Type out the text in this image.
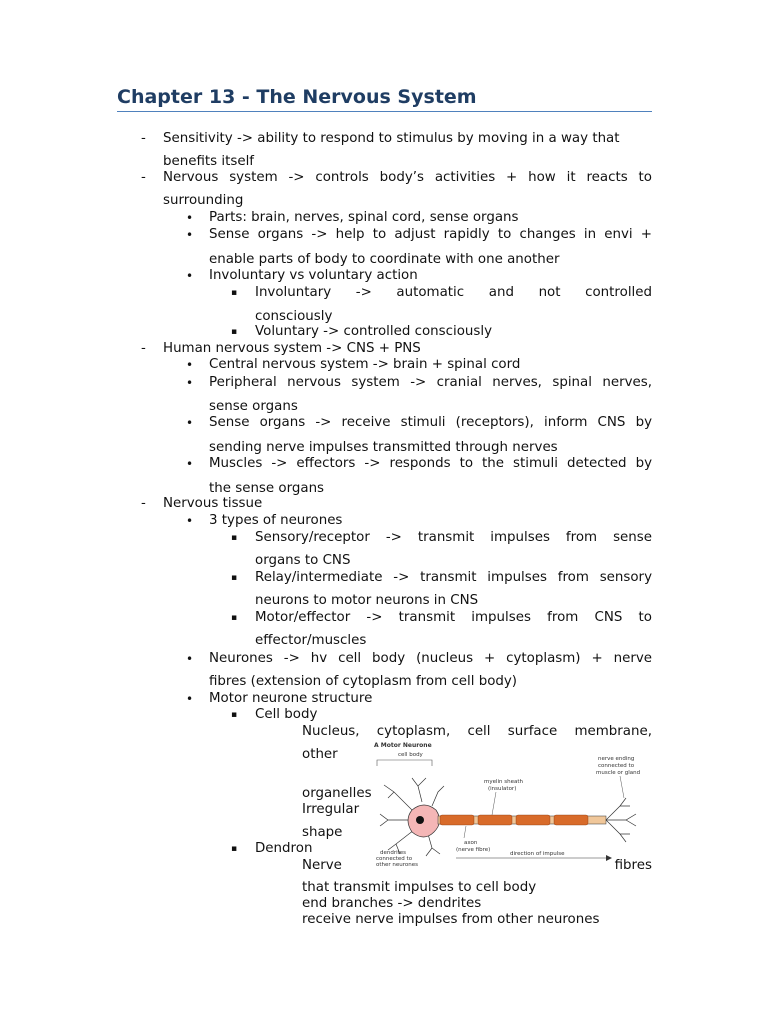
Chapter 13 - The Nervous System
- Sensitivity -> ability to respond to stimulus by moving in a way that
benefits itself
- Nervous system -> controls body’s activities + how it reacts to
surrounding
• Parts: brain, nerves, spinal cord, sense organs
• Sense organs -> help to adjust rapidly to changes in envi +
enable parts of body to coordinate with one another
• Involuntary vs voluntary action
▪ Involuntary -> automatic and not controlled
consciously
▪ Voluntary -> controlled consciously
- Human nervous system -> CNS + PNS
• Central nervous system -> brain + spinal cord
• Peripheral nervous system -> cranial nerves, spinal nerves,
sense organs
• Sense organs -> receive stimuli (receptors), inform CNS by
sending nerve impulses transmitted through nerves
• Muscles -> effectors -> responds to the stimuli detected by
the sense organs
- Nervous tissue
• 3 types of neurones
▪ Sensory/receptor -> transmit impulses from sense
organs to CNS
▪ Relay/intermediate -> transmit impulses from sensory
neurons to motor neurons in CNS
▪ Motor/effector -> transmit impulses from CNS to
effector/muscles
• Neurones -> hv cell body (nucleus + cytoplasm) + nerve
fibres (extension of cytoplasm from cell body)
• Motor neurone structure
▪ Cell body
Nucleus, cytoplasm, cell surface membrane,
other
organelles
Irregular
shape
▪ Dendron
Nerve	fibres
that transmit impulses to cell body
end branches -> dendrites
receive nerve impulses from other neurones
A Motor Neurone
cell body
myelin sheath
(insulator)
nerve ending
connected to
muscle or gland
axon
(nerve fibre)
direction of impulse
dendrites
connected to
other neurones
